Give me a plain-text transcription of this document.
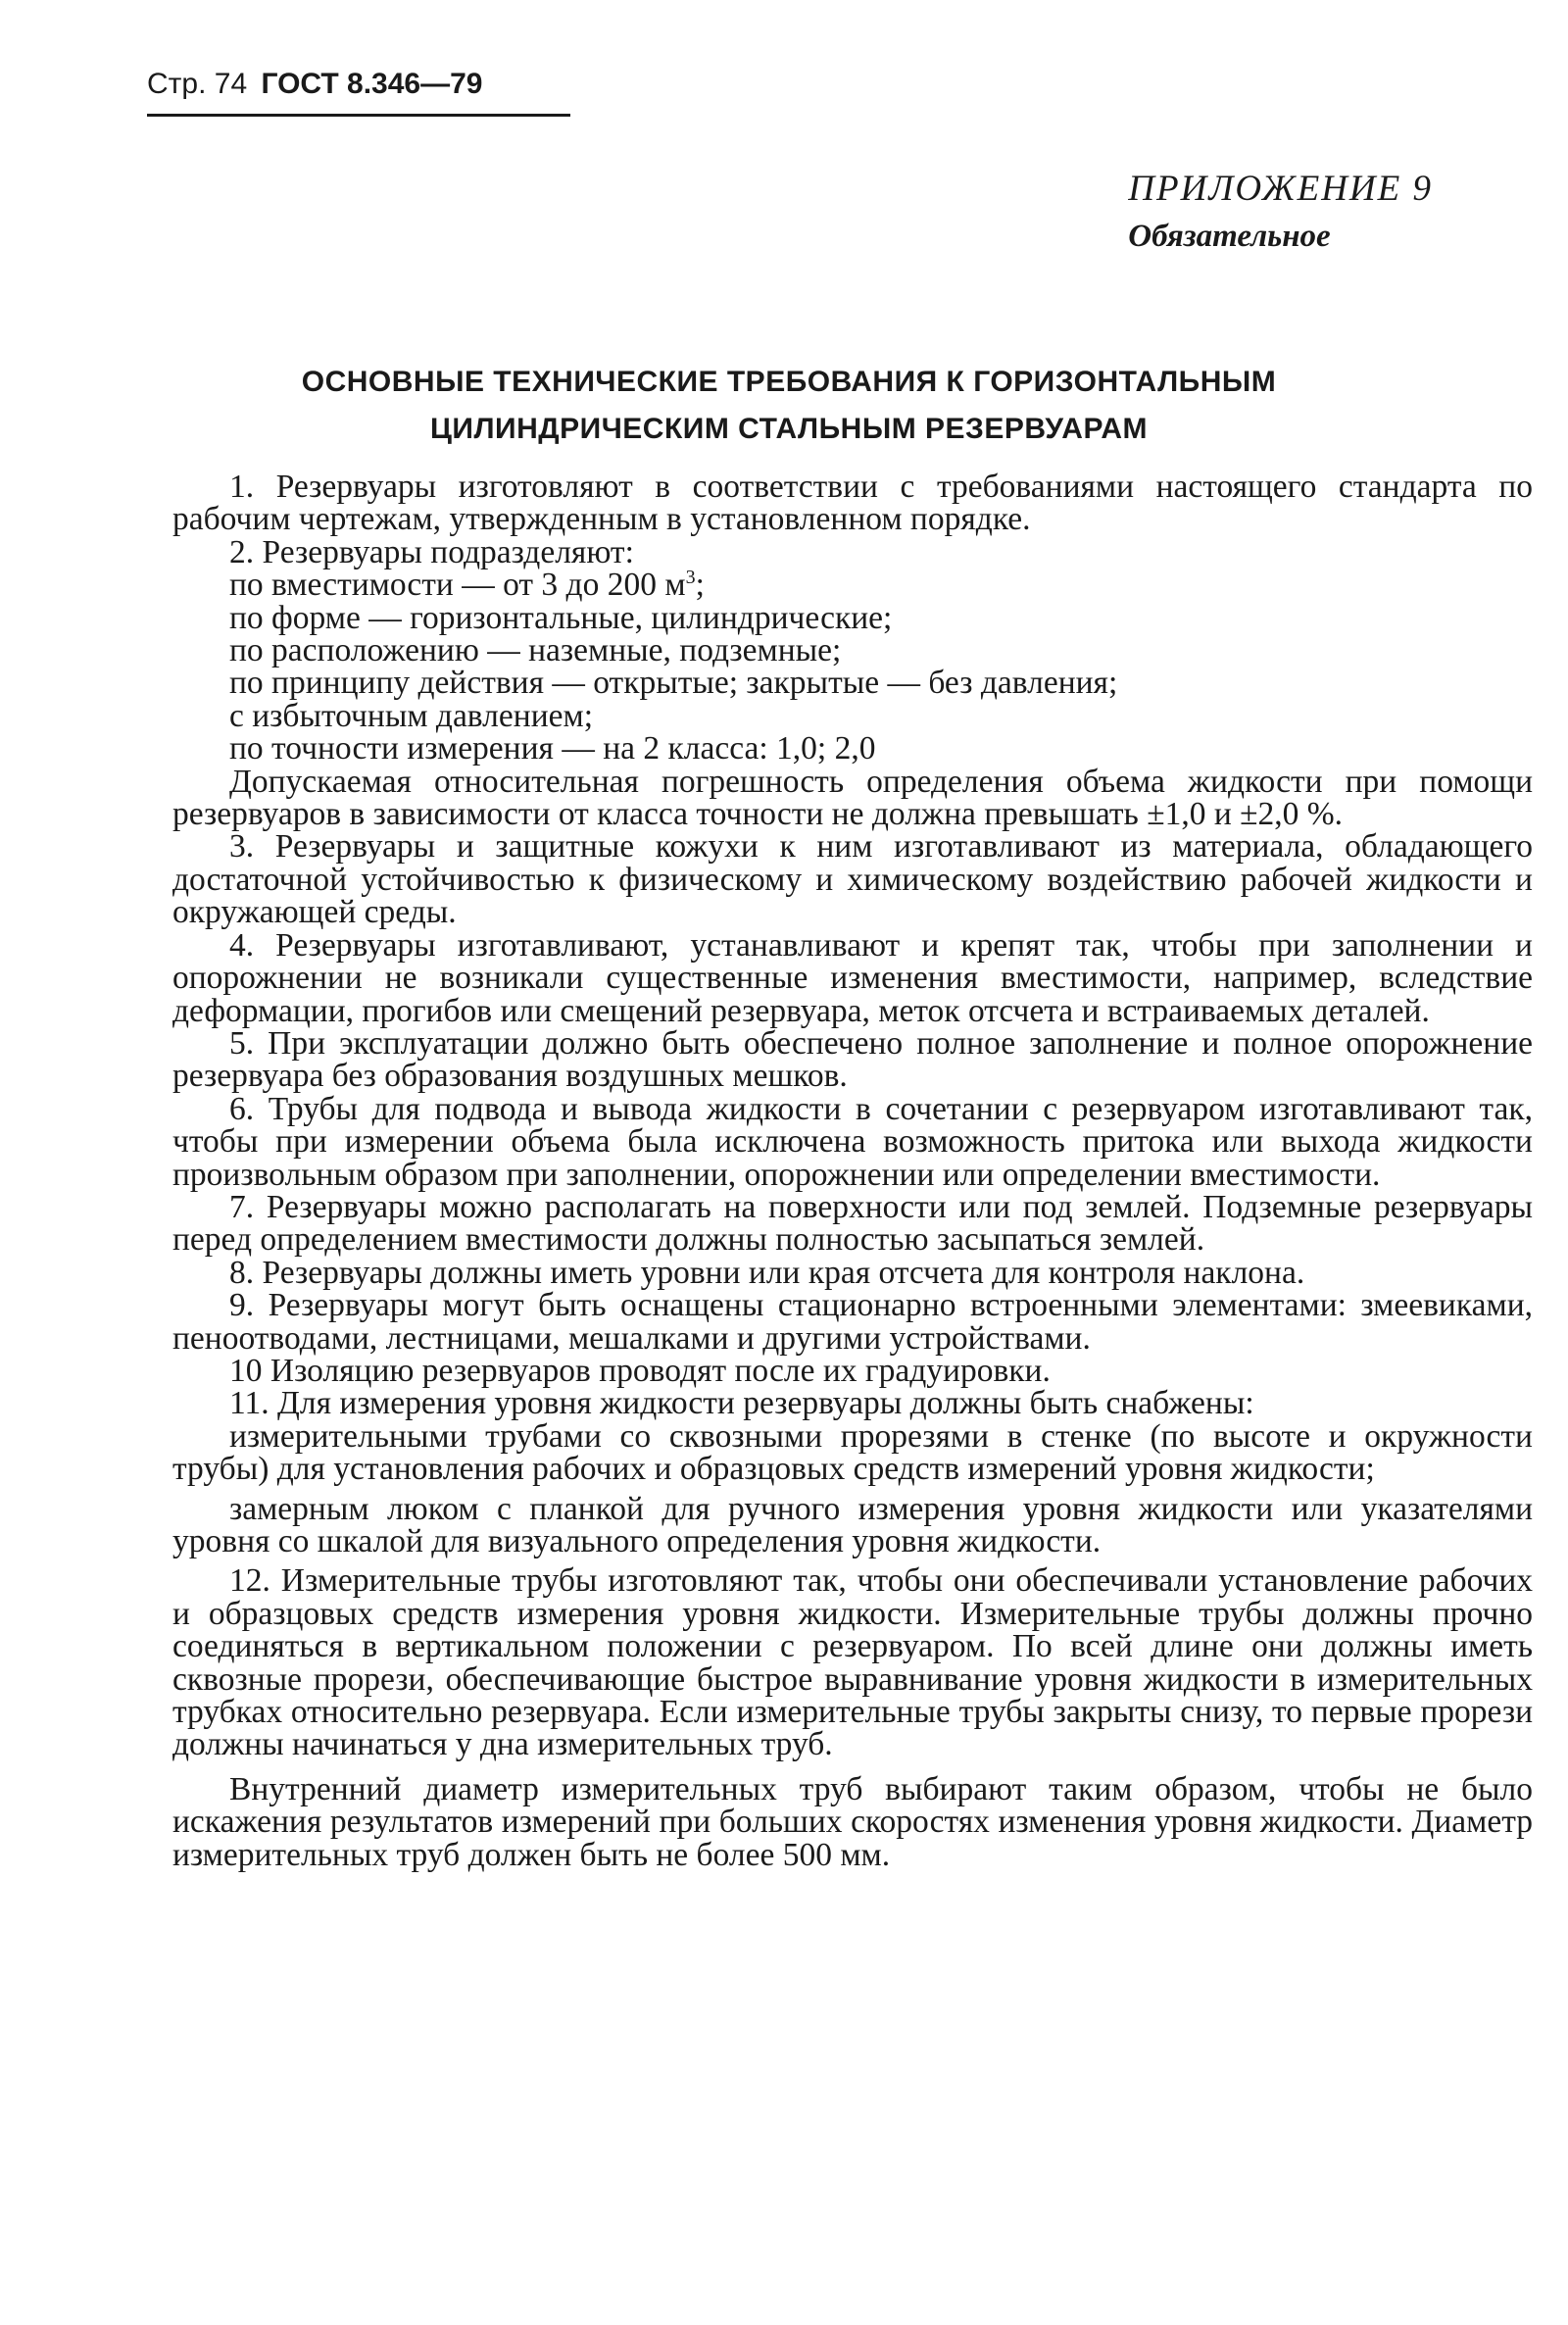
Стр. 74 ГОСТ 8.346—79
ПРИЛОЖЕНИЕ 9
Обязательное
ОСНОВНЫЕ ТЕХНИЧЕСКИЕ ТРЕБОВАНИЯ К ГОРИЗОНТАЛЬНЫМ
ЦИЛИНДРИЧЕСКИМ СТАЛЬНЫМ РЕЗЕРВУАРАМ

1. Резервуары изготовляют в соответствии с требованиями настоящего стандарта по рабочим чертежам, утвержденным в установленном порядке.

2. Резервуары подразделяют:

по вместимости — от 3 до 200 $м^3$;

по форме — горизонтальные, цилиндрические;

по расположению — наземные, подземные;

по принципу действия — открытые; закрытые — без давления;

с избыточным давлением;

по точности измерения — на 2 класса: 1,0; 2,0

Допускаемая относительная погрешность определения объема жидкости при помощи резервуаров в зависимости от класса точности не должна превышать ±1,0 и ±2,0 %.

3. Резервуары и защитные кожухи к ним изготавливают из материала, обладающего достаточной устойчивостью к физическому и химическому воздействию рабочей жидкости и окружающей среды.

4. Резервуары изготавливают, устанавливают и крепят так, чтобы при заполнении и опорожнении не возникали существенные изменения вместимости, например, вследствие деформации, прогибов или смещений резервуара, меток отсчета и встраиваемых деталей.

5. При эксплуатации должно быть обеспечено полное заполнение и полное опорожнение резервуара без образования воздушных мешков.

6. Трубы для подвода и вывода жидкости в сочетании с резервуаром изготавливают так, чтобы при измерении объема была исключена возможность притока или выхода жидкости произвольным образом при заполнении, опорожнении или определении вместимости.

7. Резервуары можно располагать на поверхности или под землей. Подземные резервуары перед определением вместимости должны полностью засыпаться землей.

8. Резервуары должны иметь уровни или края отсчета для контроля наклона.

9. Резервуары могут быть оснащены стационарно встроенными элементами: змеевиками, пеноотводами, лестницами, мешалками и другими устройствами.

10 Изоляцию резервуаров проводят после их градуировки.

11. Для измерения уровня жидкости резервуары должны быть снабжены:

измерительными трубами со сквозными прорезями в стенке (по высоте и окружности трубы) для установления рабочих и образцовых средств измерений уровня жидкости;

замерным люком с планкой для ручного измерения уровня жидкости или указателями уровня со шкалой для визуального определения уровня жидкости.

12. Измерительные трубы изготовляют так, чтобы они обеспечивали установление рабочих и образцовых средств измерения уровня жидкости. Измерительные трубы должны прочно соединяться в вертикальном положении с резервуаром. По всей длине они должны иметь сквозные прорези, обеспечивающие быстрое выравнивание уровня жидкости в измерительных трубках относительно резервуара. Если измерительные трубы закрыты снизу, то первые прорези должны начинаться у дна измерительных труб.

Внутренний диаметр измерительных труб выбирают таким образом, чтобы не было искажения результатов измерений при больших скоростях изменения уровня жидкости. Диаметр измерительных труб должен быть не более 500 мм.
